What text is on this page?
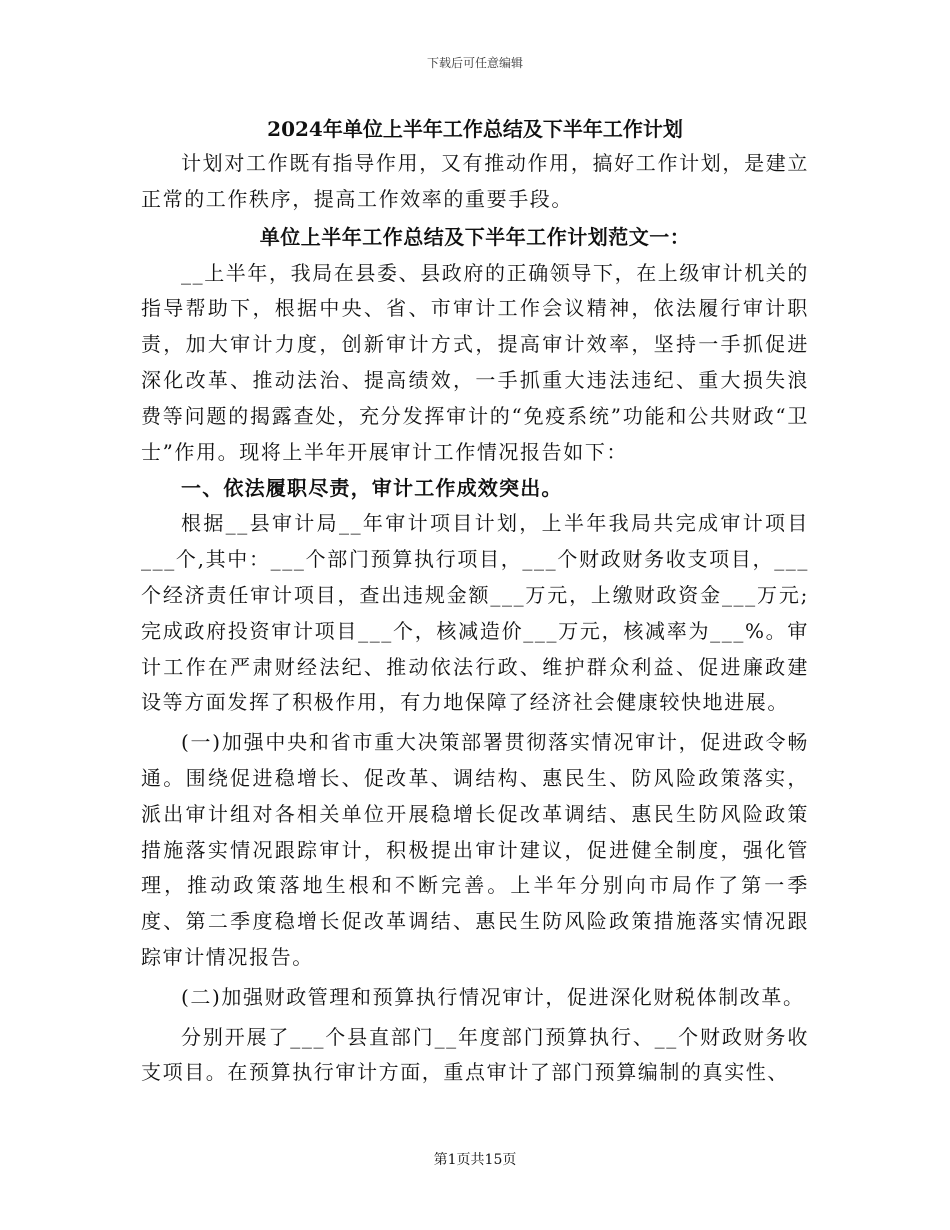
下载后可任意编辑
2024年单位上半年工作总结及下半年工作计划

计划对工作既有指导作用，又有推动作用，搞好工作计划，是建立正常的工作秩序，提高工作效率的重要手段。

单位上半年工作总结及下半年工作计划范文一：

__上半年，我局在县委、县政府的正确领导下，在上级审计机关的指导帮助下，根据中央、省、市审计工作会议精神，依法履行审计职责，加大审计力度，创新审计方式，提高审计效率，坚持一手抓促进深化改革、推动法治、提高绩效，一手抓重大违法违纪、重大损失浪费等问题的揭露查处，充分发挥审计的“免疫系统”功能和公共财政“卫士”作用。现将上半年开展审计工作情况报告如下：

一、依法履职尽责，审计工作成效突出。

根据__县审计局__年审计项目计划，上半年我局共完成审计项目___个,其中：___个部门预算执行项目，___个财政财务收支项目，___个经济责任审计项目，查出违规金额___万元，上缴财政资金___万元;完成政府投资审计项目___个，核减造价___万元，核减率为___%。审计工作在严肃财经法纪、推动依法行政、维护群众利益、促进廉政建设等方面发挥了积极作用，有力地保障了经济社会健康较快地进展。

(一)加强中央和省市重大决策部署贯彻落实情况审计，促进政令畅通。围绕促进稳增长、促改革、调结构、惠民生、防风险政策落实，派出审计组对各相关单位开展稳增长促改革调结、惠民生防风险政策措施落实情况跟踪审计，积极提出审计建议，促进健全制度，强化管理，推动政策落地生根和不断完善。上半年分别向市局作了第一季度、第二季度稳增长促改革调结、惠民生防风险政策措施落实情况跟踪审计情况报告。

(二)加强财政管理和预算执行情况审计，促进深化财税体制改革。

分别开展了___个县直部门__年度部门预算执行、__个财政财务收支项目。在预算执行审计方面，重点审计了部门预算编制的真实性、

第1页共15页
